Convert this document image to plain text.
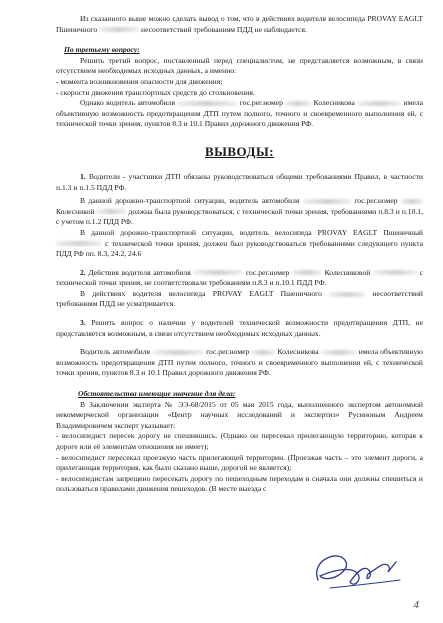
Из сказанного выше можно сделать вывод о том, что в действиях водителя велосипеда PROVAY EAGLT Пшеничного	несоответствий требованиям ПДД не наблюдается.

По третьему вопросу:

Решить третий вопрос, поставленный перед специалистом, не представляется возможным, в связи отсутствием необходимых исходных данных, а именно:

- момента возникновения опасности для движения;

- скорости движения транспортных средств до столкновения.

Однако водитель автомобиля	гос.рег.номер	Колесникова	имела объективную возможность предотвращения ДТП путем полного, точного и своевременного выполнения ей, с технической точки зрения, пунктов 8.3 и 10.1 Правил дорожного движения РФ.

ВЫВОДЫ:

1. Водители - участники ДТП обязаны руководствоваться общими требованиями Правил, в частности п.1.3 и п.1.5 ПДД РФ.

В данной дорожно-транспортной ситуации, водитель автомобиля	гос.рег.номер  Колесникой	должна была руководствоваться, с технической точки зрения, требованиями п.8.3 и п.10.1, с учетом п.1.2 ПДД РФ.

В данной дорожно-транспортной ситуации, водитель велосипеда PROVAY EAGLT Пшеничный  с технической точки зрения, должен был руководствоваться требованиями следующего пункта ПДД РФ пп. 8.3, 24.2, 24.6

2. Действия водителя автомобиля	гос.рег.номер	Колесниковой	с технической точки зрения, не соответствовали требованиям п.8.3 и п.10.1 ПДД РФ.

В действиях водителя велосипеда PROVAY EAGLT Пшеничного	несоответствий требованиям ПДД не усматривается.

3. Решить вопрос о наличии у водителей технической возможности предотвращения ДТП, не представляется возможным, в связи отсутствием необходимых исходных данных.

Водитель автомобиля	гос.рег.номер	Колесникова	имела объективную возможность предотвращения ДТП путем полного, точного и своевременного выполнения ей, с технической точки зрения, пунктов 8.3 и 10.1 Правил дорожного движения РФ.

Обстоятельства имеющие значение для дела:

В Заключении эксперта № ЭЭ-68/2015 от 05 мая 2015 года, выполненного экспертом автономной некоммерческой организации «Центр научных исследований и экспертиз» Русиновым Андреем Владимировичем эксперт указывает:

- велосипедист пересек дорогу не спешившись. (Однако он пересекал прилегающую территорию, которая к дороге или её элементам отношения не имеет);

- велосипедист пересекал проезжую часть прилегающей территории. (Проезжая часть – это элемент дороги, а прилегающая территория, как было сказано выше, дорогой не является);

- велосипедистам запрещено пересекать дорогу по пешеходным переходам и сначала они должны спешиться и пользоваться правилами движения пешеходов. (В месте выезда с

4
